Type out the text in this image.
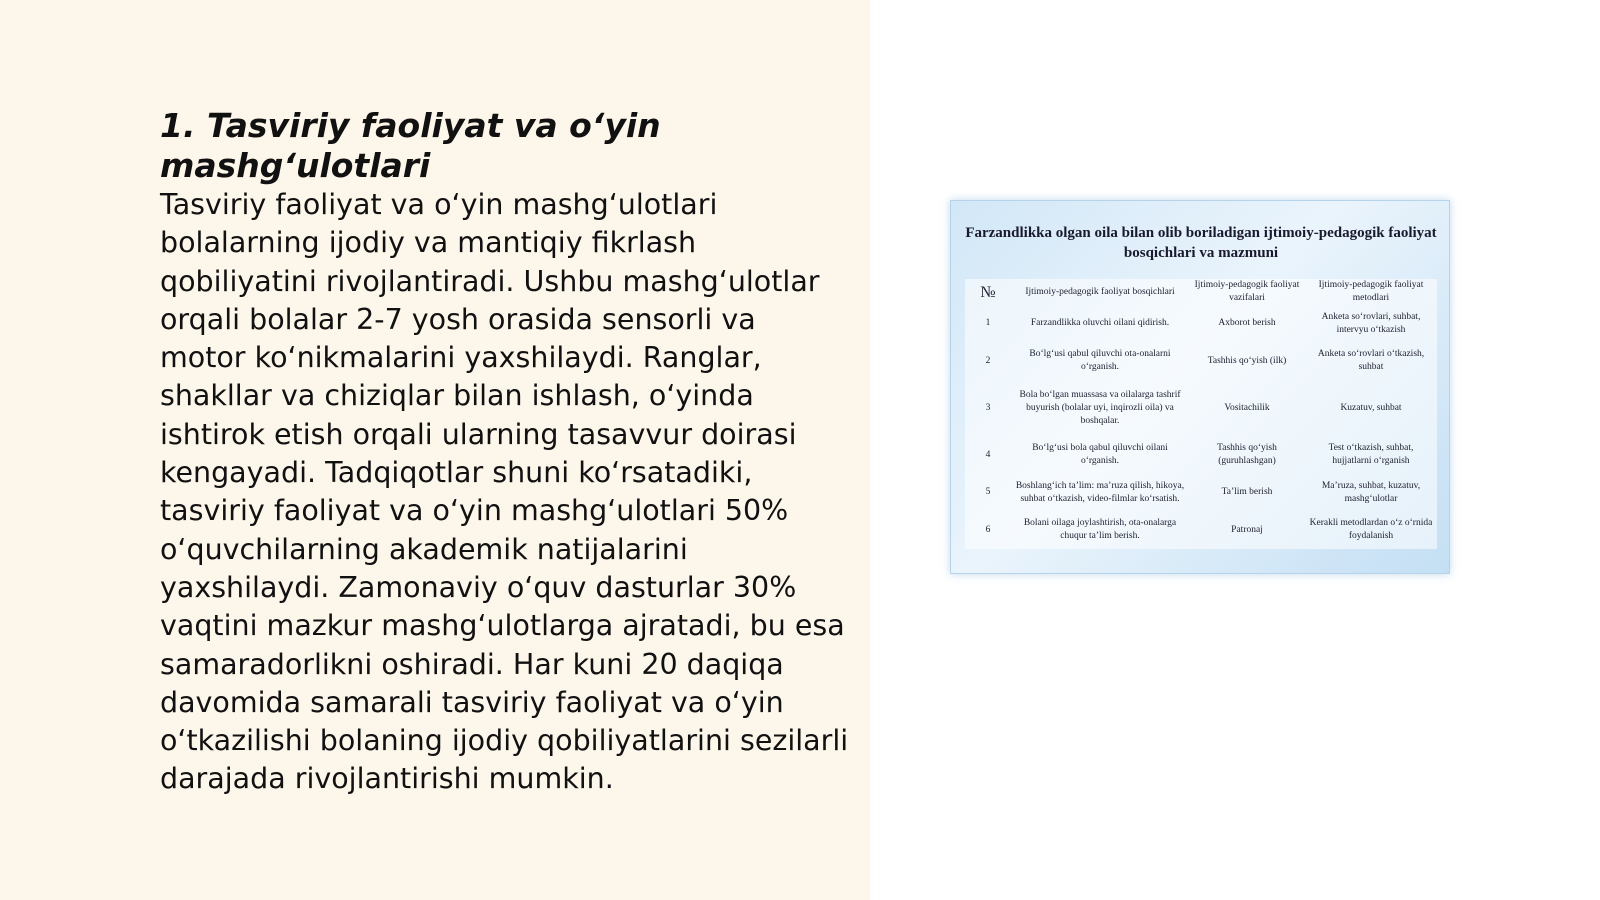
1. Tasviriy faoliyat va o‘yin mashg‘ulotlari

Tasviriy faoliyat va o‘yin mashg‘ulotlari bolalarning ijodiy va mantiqiy fikrlash qobiliyatini rivojlantiradi. Ushbu mashg‘ulotlar orqali bolalar 2-7 yosh orasida sensorli va motor ko‘nikmalarini yaxshilaydi. Ranglar, shakllar va chiziqlar bilan ishlash, o‘yinda ishtirok etish orqali ularning tasavvur doirasi kengayadi. Tadqiqotlar shuni ko‘rsatadiki, tasviriy faoliyat va o‘yin mashg‘ulotlari 50% o‘quvchilarning akademik natijalarini yaxshilaydi. Zamonaviy o‘quv dasturlar 30% vaqtini mazkur mashg‘ulotlarga ajratadi, bu esa samaradorlikni oshiradi. Har kuni 20 daqiqa davomida samarali tasviriy faoliyat va o‘yin o‘tkazilishi bolaning ijodiy qobiliyatlarini sezilarli darajada rivojlantirishi mumkin.

Farzandlikka olgan oila bilan olib boriladigan ijtimoiy-pedagogik faoliyat bosqichlari va mazmuni
№	Ijtimoiy-pedagogik faoliyat bosqichlari	Ijtimoiy-pedagogik faoliyat vazifalari	Ijtimoiy-pedagogik faoliyat metodlari
1	Farzandlikka oluvchi oilani qidirish.	Axborot berish	Anketa so‘rovlari, suhbat, intervyu o‘tkazish
2	Bo‘lg‘usi qabul qiluvchi ota-onalarni o‘rganish.	Tashhis qo‘yish (ilk)	Anketa so‘rovlari o‘tkazish, suhbat
3	Bola bo‘lgan muassasa va oilalarga tashrif buyurish (bolalar uyi, inqirozli oila) va boshqalar.	Vositachilik	Kuzatuv, suhbat
4	Bo‘lg‘usi bola qabul qiluvchi oilani o‘rganish.	Tashhis qo‘yish (guruhlashgan)	Test o‘tkazish, suhbat, hujjatlarni o‘rganish
5	Boshlang‘ich ta’lim: ma’ruza qilish, hikoya, suhbat o‘tkazish, video-filmlar ko‘rsatish.	Ta’lim berish	Ma’ruza, suhbat, kuzatuv, mashg‘ulotlar
6	Bolani oilaga joylashtirish, ota-onalarga chuqur ta’lim berish.	Patronaj	Kerakli metodlardan o‘z o‘rnida foydalanish
